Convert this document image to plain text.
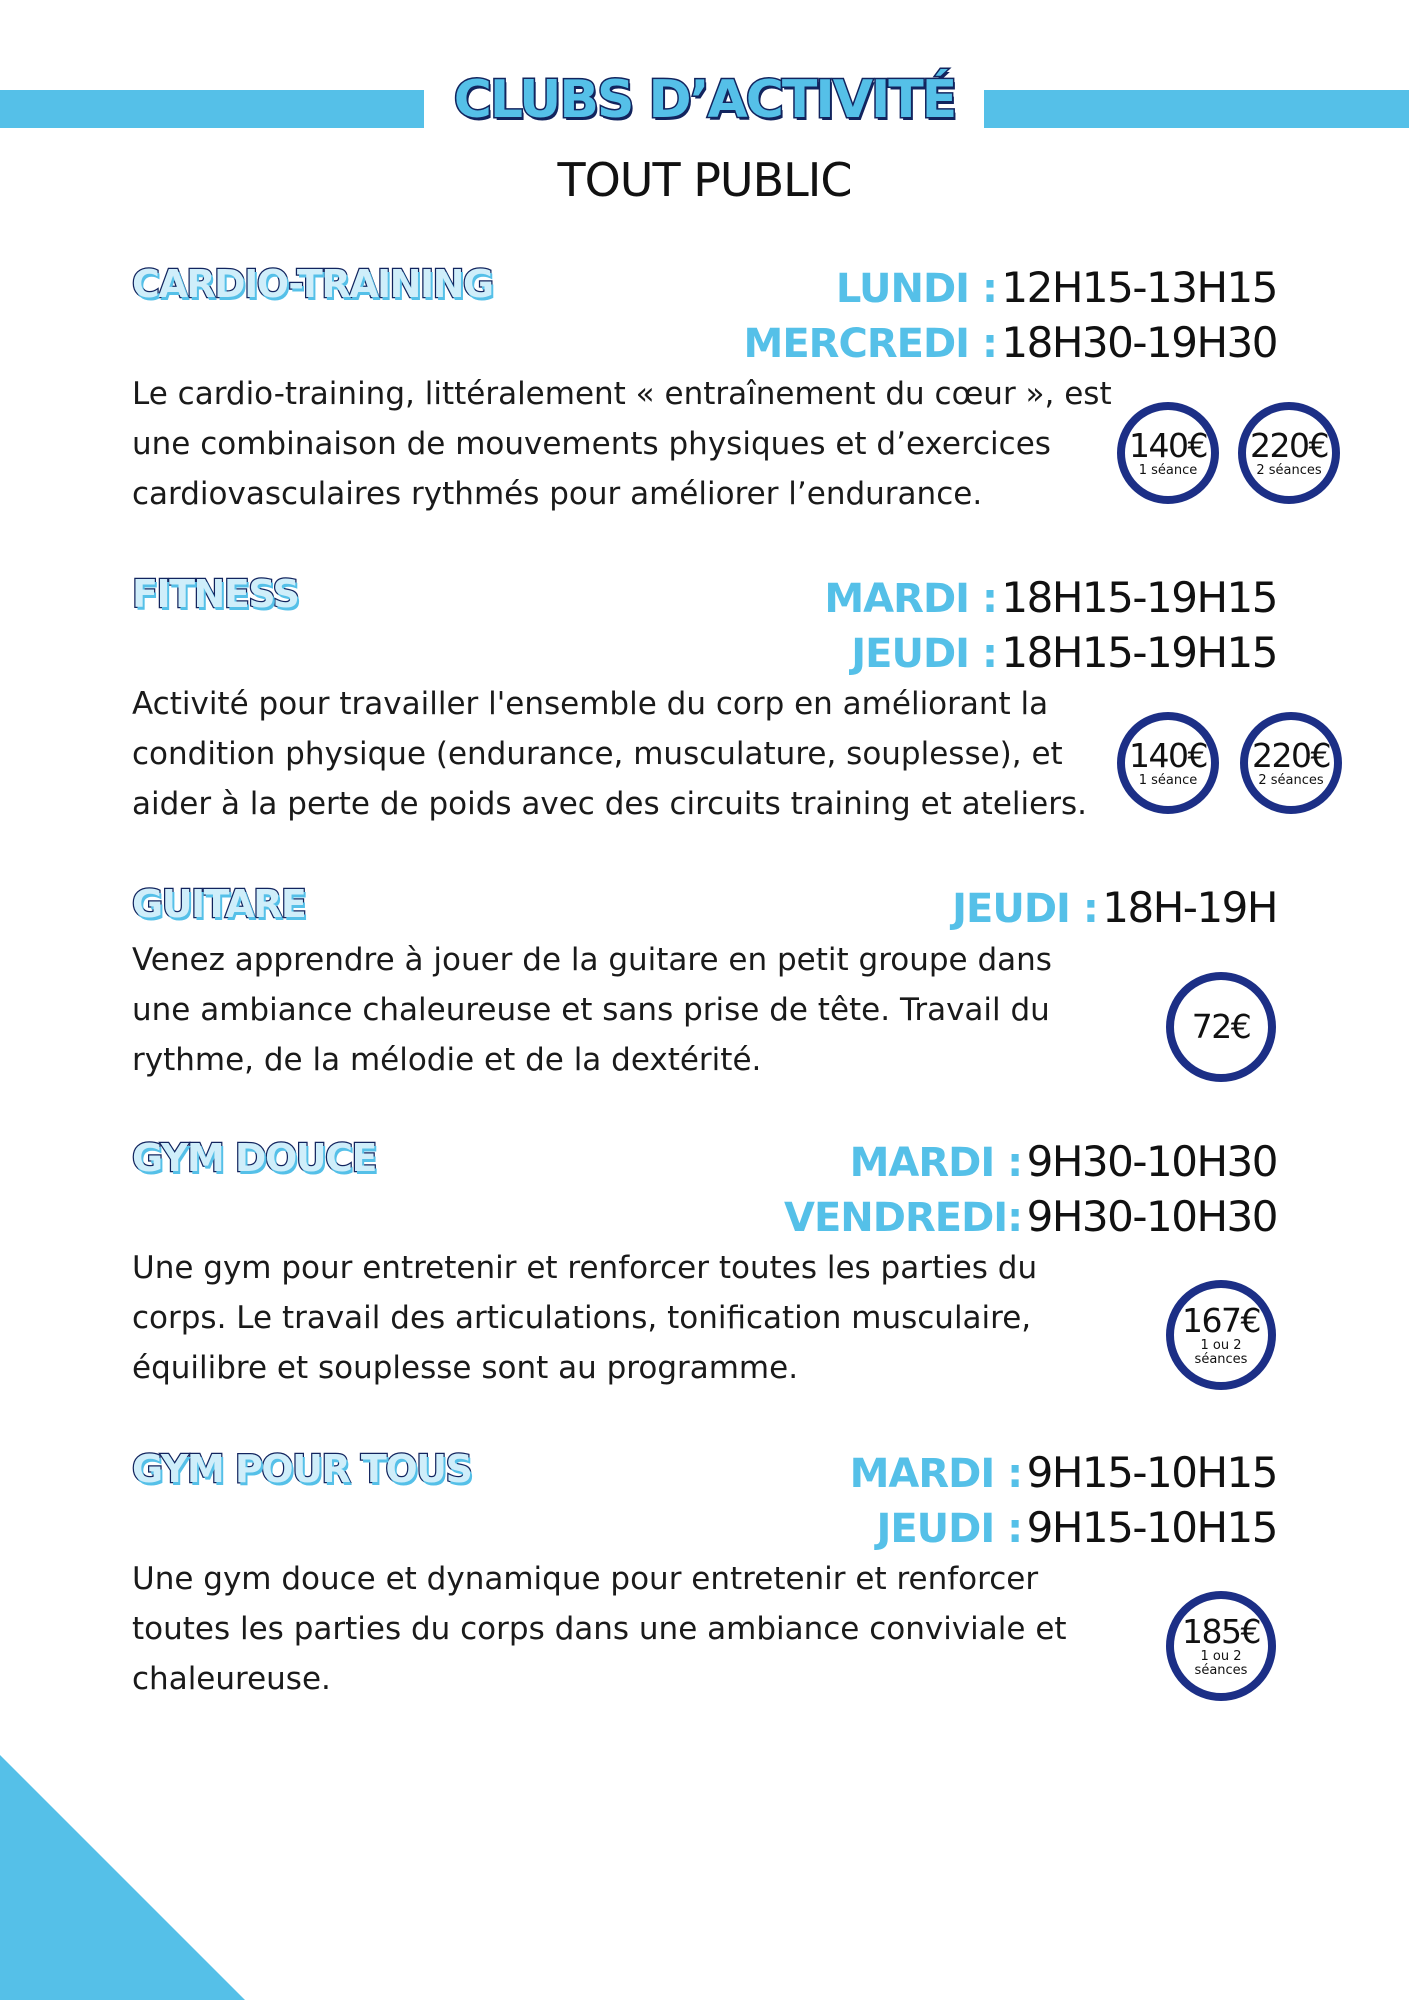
CLUBS D’ACTIVITÉ
TOUT PUBLIC
CARDIO-TRAINING	LUNDI : 12H15-13H15
MERCREDI : 18H30-19H30
Le cardio-training, littéralement « entraînement du cœur », est
une combinaison de mouvements physiques et d’exercices
cardiovasculaires rythmés pour améliorer l’endurance.
140€
1 séance
220€
2 séances
FITNESS	MARDI : 18H15-19H15
JEUDI : 18H15-19H15
Activité pour travailler l'ensemble du corp en améliorant la
condition physique (endurance, musculature, souplesse), et
aider à la perte de poids avec des circuits training et ateliers.
140€
1 séance
220€
2 séances
GUITARE	JEUDI : 18H-19H
Venez apprendre à jouer de la guitare en petit groupe dans
une ambiance chaleureuse et sans prise de tête. Travail du
rythme, de la mélodie et de la dextérité.
72€
GYM DOUCE	MARDI : 9H30-10H30
VENDREDI: 9H30-10H30
Une gym pour entretenir et renforcer toutes les parties du
corps. Le travail des articulations, tonification musculaire,
équilibre et souplesse sont au programme.
167€
1 ou 2 séances
GYM POUR TOUS	MARDI : 9H15-10H15
JEUDI : 9H15-10H15
Une gym douce et dynamique pour entretenir et renforcer
toutes les parties du corps dans une ambiance conviviale et
chaleureuse.
185€
1 ou 2 séances
